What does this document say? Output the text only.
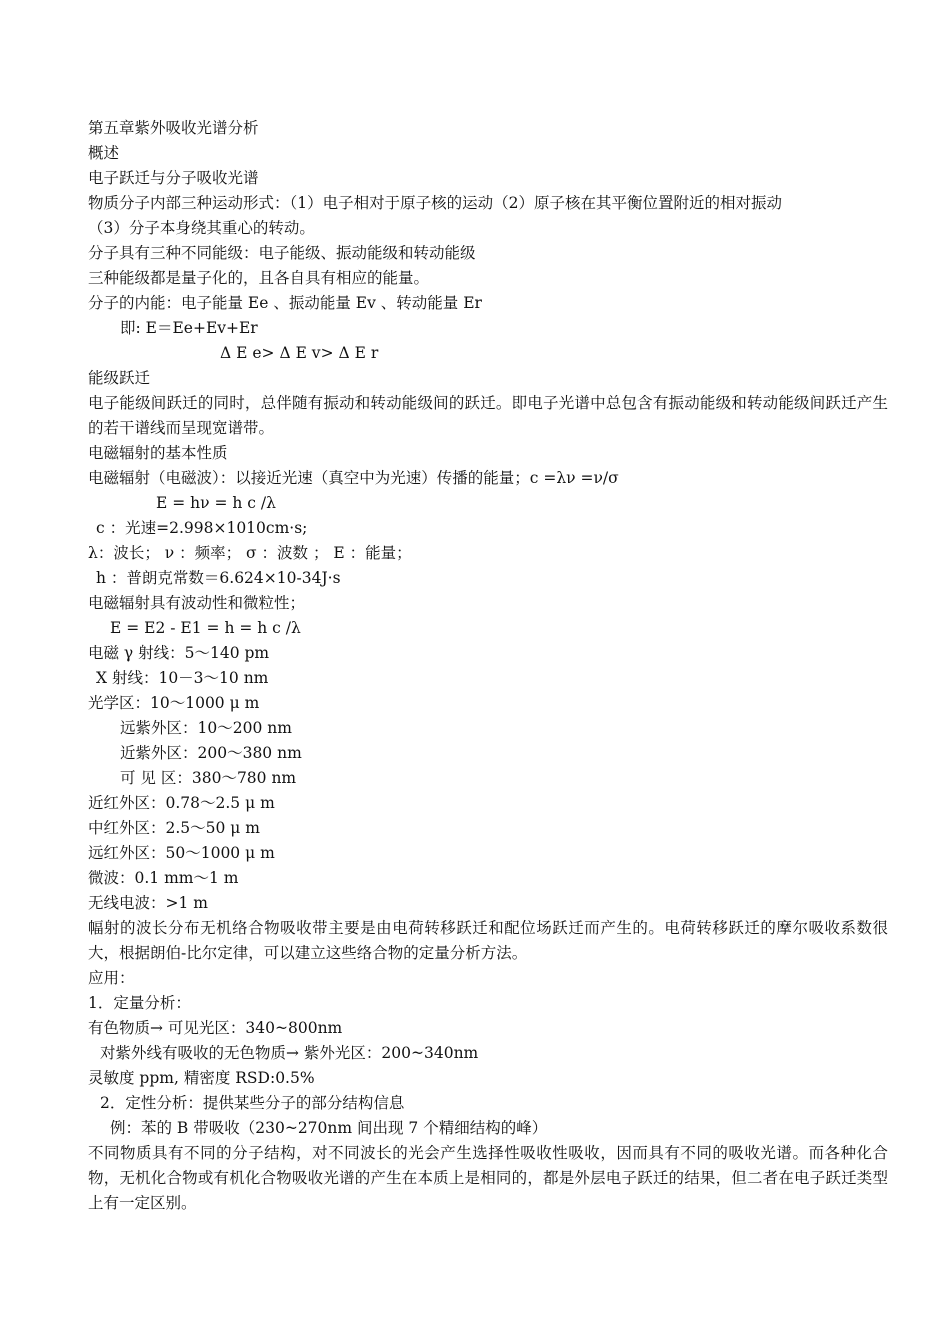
第五章紫外吸收光谱分析
概述
电子跃迁与分子吸收光谱
物质分子内部三种运动形式：（1）电子相对于原子核的运动（2）原子核在其平衡位置附近的相对振动
（3）分子本身绕其重心的转动。
分子具有三种不同能级：电子能级、振动能级和转动能级
三种能级都是量子化的，且各自具有相应的能量。
分子的内能：电子能量 Ee 、振动能量 Ev 、转动能量 Er
即: E＝Ee+Ev+Er
Δ E e> Δ E v> Δ E r
能级跃迁
电子能级间跃迁的同时，总伴随有振动和转动能级间的跃迁。即电子光谱中总包含有振动能级和转动能级间跃迁产生的若干谱线而呈现宽谱带。
电磁辐射的基本性质
电磁辐射（电磁波）：以接近光速（真空中为光速）传播的能量；c =λν =ν/σ
E = hν = h c /λ
c ：光速=2.998×1010cm·s;
λ：波长； ν ：频率； σ ：波数 ； E ：能量；
h ：普朗克常数＝6.624×10-34J·s
电磁辐射具有波动性和微粒性；
E = E2 - E1 = h = h c /λ
电磁 γ 射线：5～140 pm
X 射线：10－3～10 nm
光学区：10～1000 μ m
远紫外区：10～200 nm
近紫外区：200～380 nm
可 见 区：380～780 nm
近红外区：0.78～2.5 μ m
中红外区：2.5～50 μ m
远红外区：50～1000 μ m
微波：0.1 mm～1 m
无线电波：>1 m
幅射的波长分布无机络合物吸收带主要是由电荷转移跃迁和配位场跃迁而产生的。电荷转移跃迁的摩尔吸收系数很大，根据朗伯-比尔定律，可以建立这些络合物的定量分析方法。
应用：
1．定量分析：
有色物质→ 可见光区：340~800nm
对紫外线有吸收的无色物质→ 紫外光区：200~340nm
灵敏度 ppm, 精密度 RSD:0.5%
2．定性分析：提供某些分子的部分结构信息
例：苯的 B 带吸收（230~270nm 间出现 7 个精细结构的峰）
不同物质具有不同的分子结构，对不同波长的光会产生选择性吸收性吸收，因而具有不同的吸收光谱。而各种化合物，无机化合物或有机化合物吸收光谱的产生在本质上是相同的，都是外层电子跃迁的结果，但二者在电子跃迁类型上有一定区别。
